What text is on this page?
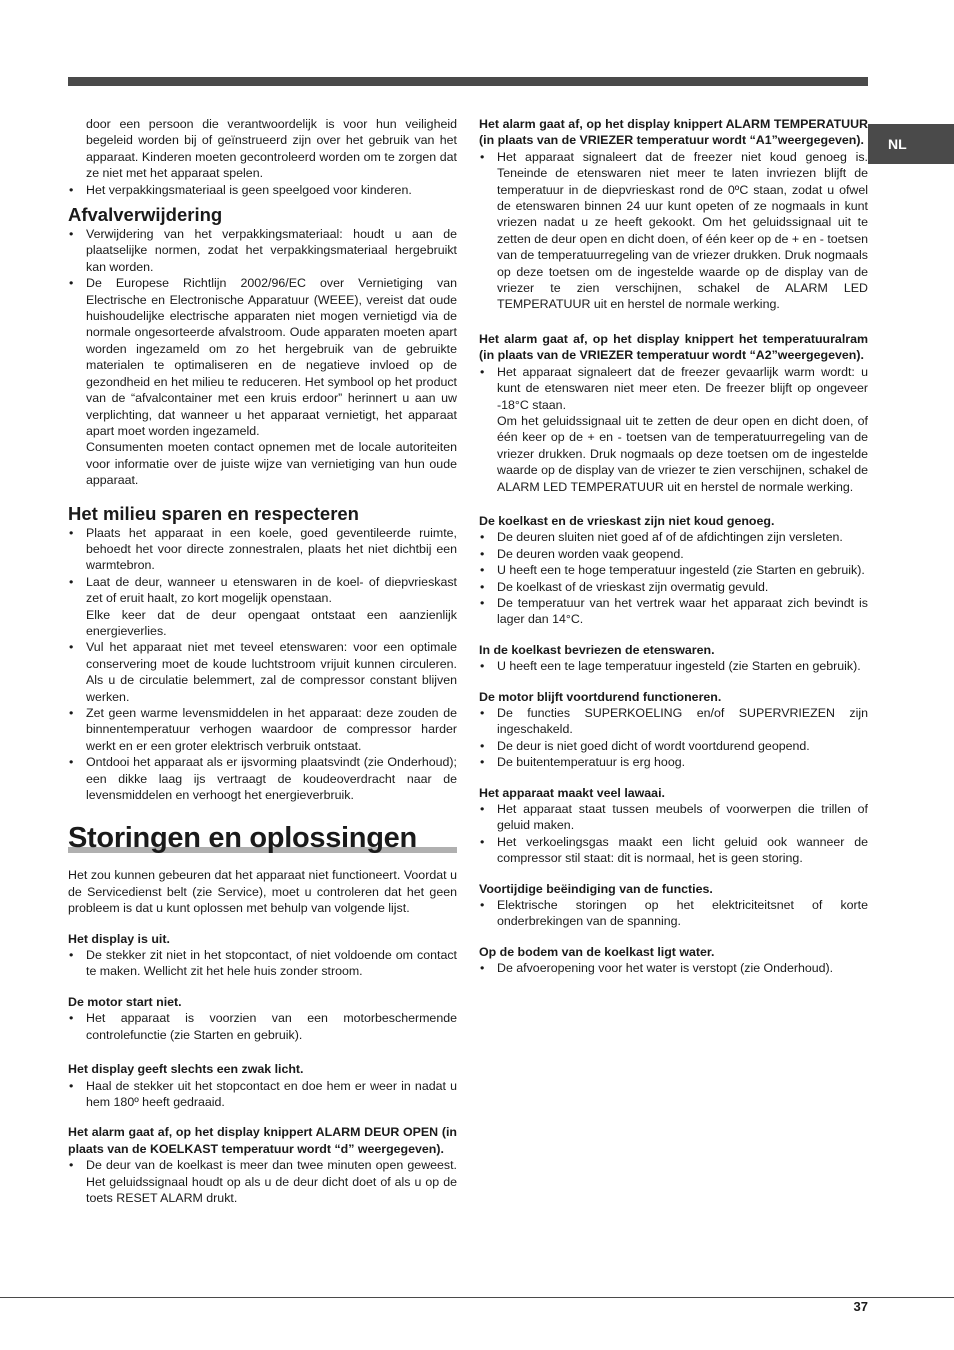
NL

door een persoon die verantwoordelijk is voor hun veiligheid begeleid worden bij of geïnstrueerd zijn over het gebruik van het apparaat. Kinderen moeten gecontroleerd worden om te zorgen dat ze niet met het apparaat spelen.

• Het verpakkingsmateriaal is geen speelgoed voor kinderen.
Afvalverwijdering
• Verwijdering van het verpakkingsmateriaal: houdt u aan de plaatselijke normen, zodat het verpakkingsmateriaal hergebruikt kan worden.

• De Europese Richtlijn 2002/96/EC over Vernietiging van Electrische en Electronische Apparatuur (WEEE), vereist dat oude huishoudelijke electrische apparaten niet mogen vernietigd via de normale ongesorteerde afvalstroom. Oude apparaten moeten apart worden ingezameld om zo het hergebruik van de gebruikte materialen te optimaliseren en de negatieve invloed op de gezondheid en het milieu te reduceren. Het symbool op het product van de “afvalcontainer met een kruis erdoor” herinnert u aan uw verplichting, dat wanneer u het apparaat vernietigt, het apparaat apart moet worden ingezameld.

Consumenten moeten contact opnemen met de locale autoriteiten voor informatie over de juiste wijze van vernietiging van hun oude apparaat.

Het milieu sparen en respecteren
• Plaats het apparaat in een koele, goed geventileerde ruimte, behoedt het voor directe zonnestralen, plaats het niet dichtbij een warmtebron.

• Laat de deur, wanneer u etenswaren in de koel- of diepvrieskast zet of eruit haalt, zo kort mogelijk openstaan.

Elke keer dat de deur opengaat ontstaat een aanzienlijk energieverlies.

• Vul het apparaat niet met teveel etenswaren: voor een optimale conservering moet de koude luchtstroom vrijuit kunnen circuleren. Als u de circulatie belemmert, zal de compressor constant blijven werken.
• Zet geen warme levensmiddelen in het apparaat: deze zouden de binnentemperatuur verhogen waardoor de compressor harder werkt en er een groter elektrisch verbruik ontstaat.
• Ontdooi het apparaat als er ijsvorming plaatsvindt (zie Onderhoud); een dikke laag ijs vertraagt de koudeoverdracht naar de levensmiddelen en verhoogt het energieverbruik.
Storingen en oplossingen

Het zou kunnen gebeuren dat het apparaat niet functioneert. Voordat u de Servicedienst belt (zie Service), moet u controleren dat het geen probleem is dat u kunt oplossen met behulp van volgende lijst.

Het display is uit.

• De stekker zit niet in het stopcontact, of niet voldoende om contact te maken. Wellicht zit het hele huis zonder stroom.

De motor start niet.

• Het apparaat is voorzien van een motorbeschermende controlefunctie (zie Starten en gebruik).

Het display geeft slechts een zwak licht.

• Haal de stekker uit het stopcontact en doe hem er weer in nadat u hem 180º heeft gedraaid.

Het alarm gaat af, op het display knippert ALARM DEUR OPEN (in plaats van de KOELKAST temperatuur wordt “d” weergegeven).

• De deur van de koelkast is meer dan twee minuten open geweest. Het geluidssignaal houdt op als u de deur dicht doet of als u op de toets RESET ALARM drukt.

Het alarm gaat af, op het display knippert ALARM TEMPERATUUR (in plaats van de VRIEZER temperatuur wordt “A1”weergegeven).

• Het apparaat signaleert dat de freezer niet koud genoeg is. Teneinde de etenswaren niet meer te laten invriezen blijft de temperatuur in de diepvrieskast rond de 0ºC staan, zodat u ofwel de etenswaren binnen 24 uur kunt opeten of ze nogmaals in kunt vriezen nadat u ze heeft gekookt. Om het geluidssignaal uit te zetten de deur open en dicht doen, of één keer op de + en - toetsen van de temperatuurregeling van de vriezer drukken. Druk nogmaals op deze toetsen om de ingestelde waarde op de display van de vriezer te zien verschijnen, schakel de ALARM LED TEMPERATUUR uit en herstel de normale werking.

Het alarm gaat af, op het display knippert het temperatuuralram (in plaats van de VRIEZER temperatuur wordt “A2”weergegeven).

• Het apparaat signaleert dat de freezer gevaarlijk warm wordt: u kunt de etenswaren niet meer eten. De freezer blijft op ongeveer -18°C staan.

Om het geluidssignaal uit te zetten de deur open en dicht doen, of één keer op de + en - toetsen van de temperatuurregeling van de vriezer drukken. Druk nogmaals op deze toetsen om de ingestelde waarde op de display van de vriezer te zien verschijnen, schakel de ALARM LED TEMPERATUUR uit en herstel de normale werking.

De koelkast en de vrieskast zijn niet koud genoeg.

• De deuren sluiten niet goed af of de afdichtingen zijn versleten.
• De deuren worden vaak geopend.
• U heeft een te hoge temperatuur ingesteld (zie Starten en gebruik).
• De koelkast of de vrieskast zijn overmatig gevuld.
• De temperatuur van het vertrek waar het apparaat zich bevindt is lager dan 14°C.

In de koelkast bevriezen de etenswaren.

• U heeft een te lage temperatuur ingesteld (zie Starten en gebruik).

De motor blijft voortdurend functioneren.

• De functies SUPERKOELING en/of SUPERVRIEZEN zijn ingeschakeld.
• De deur is niet goed dicht of wordt voortdurend geopend.
• De buitentemperatuur is erg hoog.

Het apparaat maakt veel lawaai.

• Het apparaat staat tussen meubels of voorwerpen die trillen of geluid maken.
• Het verkoelingsgas maakt een licht geluid ook wanneer de compressor stil staat: dit is normaal, het is geen storing.

Voortijdige beëindiging van de functies.

• Elektrische storingen op het elektriciteitsnet of korte onderbrekingen van de spanning.

Op de bodem van de koelkast ligt water.

• De afvoeropening voor het water is verstopt (zie Onderhoud).
37
